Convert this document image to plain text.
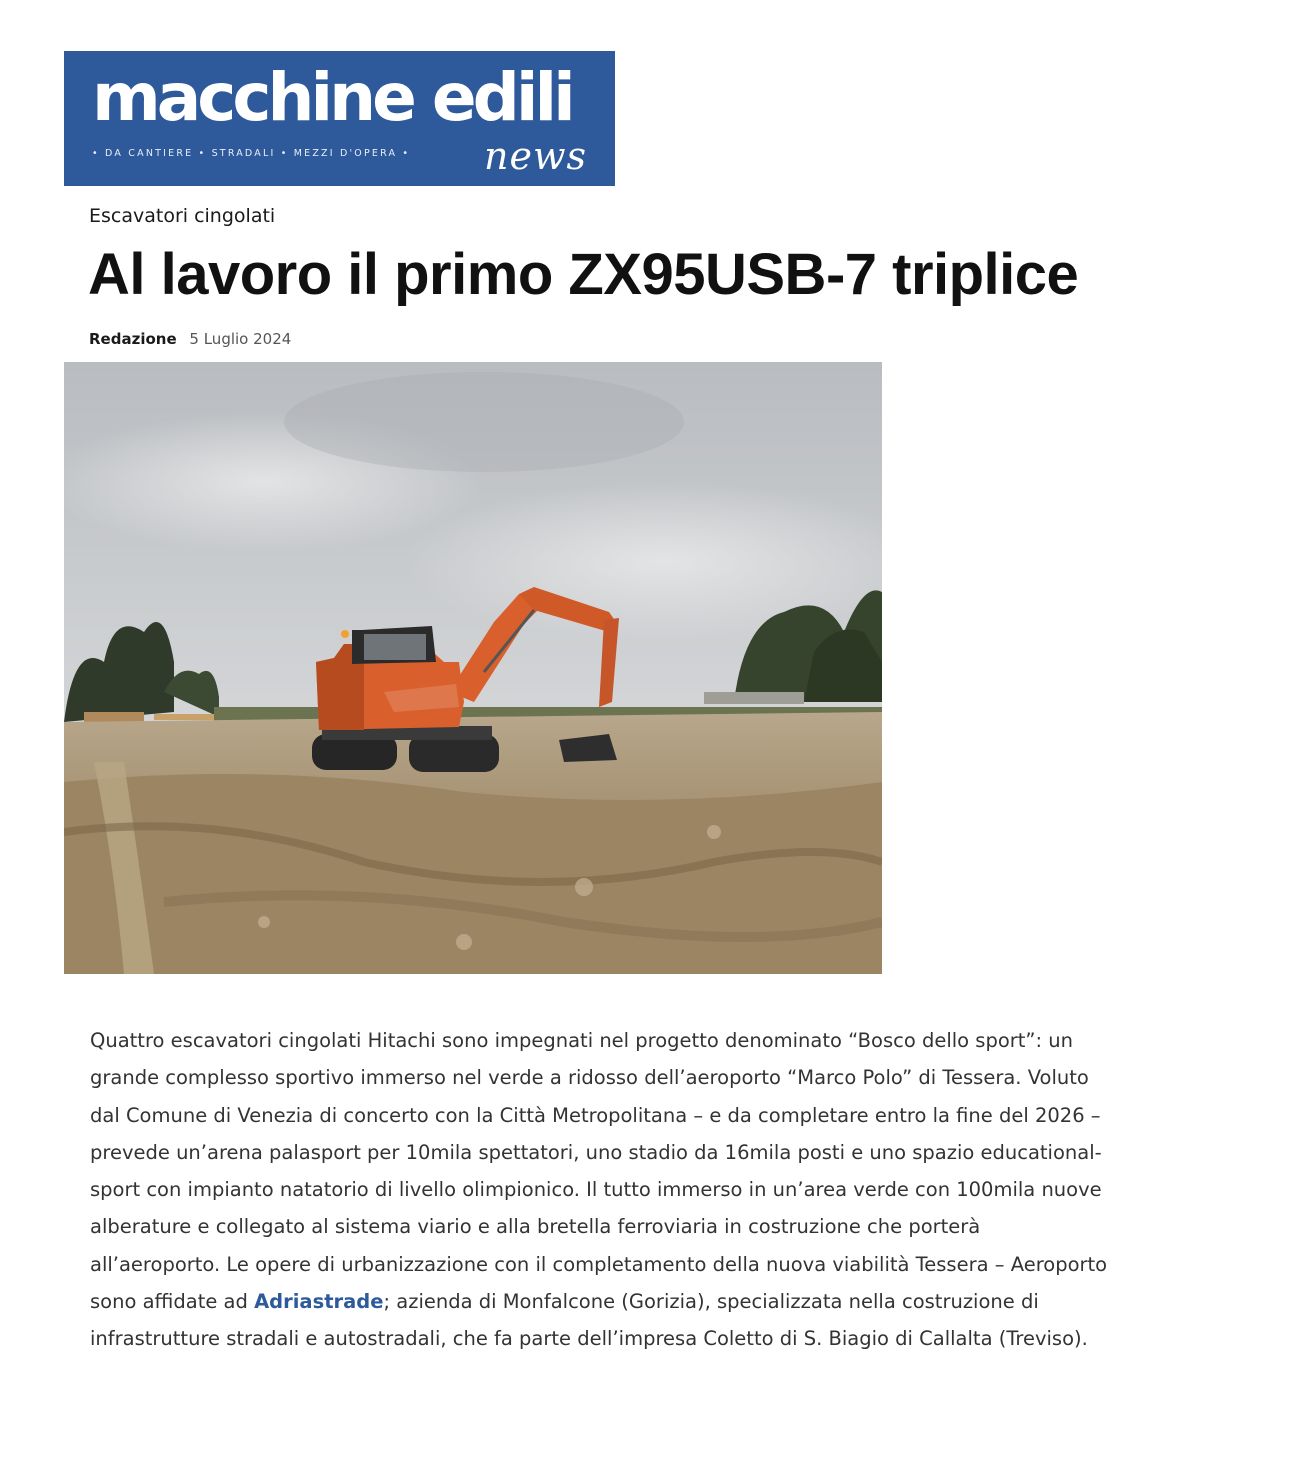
macchine edili
• DA CANTIERE • STRADALI • MEZZI D'OPERA • news
Escavatori cingolati
Al lavoro il primo ZX95USB-7 triplice
Redazione 5 Luglio 2024

Quattro escavatori cingolati Hitachi sono impegnati nel progetto denominato “Bosco dello sport”: un grande complesso sportivo immerso nel verde a ridosso dell’aeroporto “Marco Polo” di Tessera. Voluto dal Comune di Venezia di concerto con la Città Metropolitana – e da completare entro la fine del 2026 – prevede un’arena palasport per 10mila spettatori, uno stadio da 16mila posti e uno spazio educational-sport con impianto natatorio di livello olimpionico. Il tutto immerso in un’area verde con 100mila nuove alberature e collegato al sistema viario e alla bretella ferroviaria in costruzione che porterà all’aeroporto. Le opere di urbanizzazione con il completamento della nuova viabilità Tessera – Aeroporto sono affidate ad Adriastrade; azienda di Monfalcone (Gorizia), specializzata nella costruzione di infrastrutture stradali e autostradali, che fa parte dell’impresa Coletto di S. Biagio di Callalta (Treviso).
